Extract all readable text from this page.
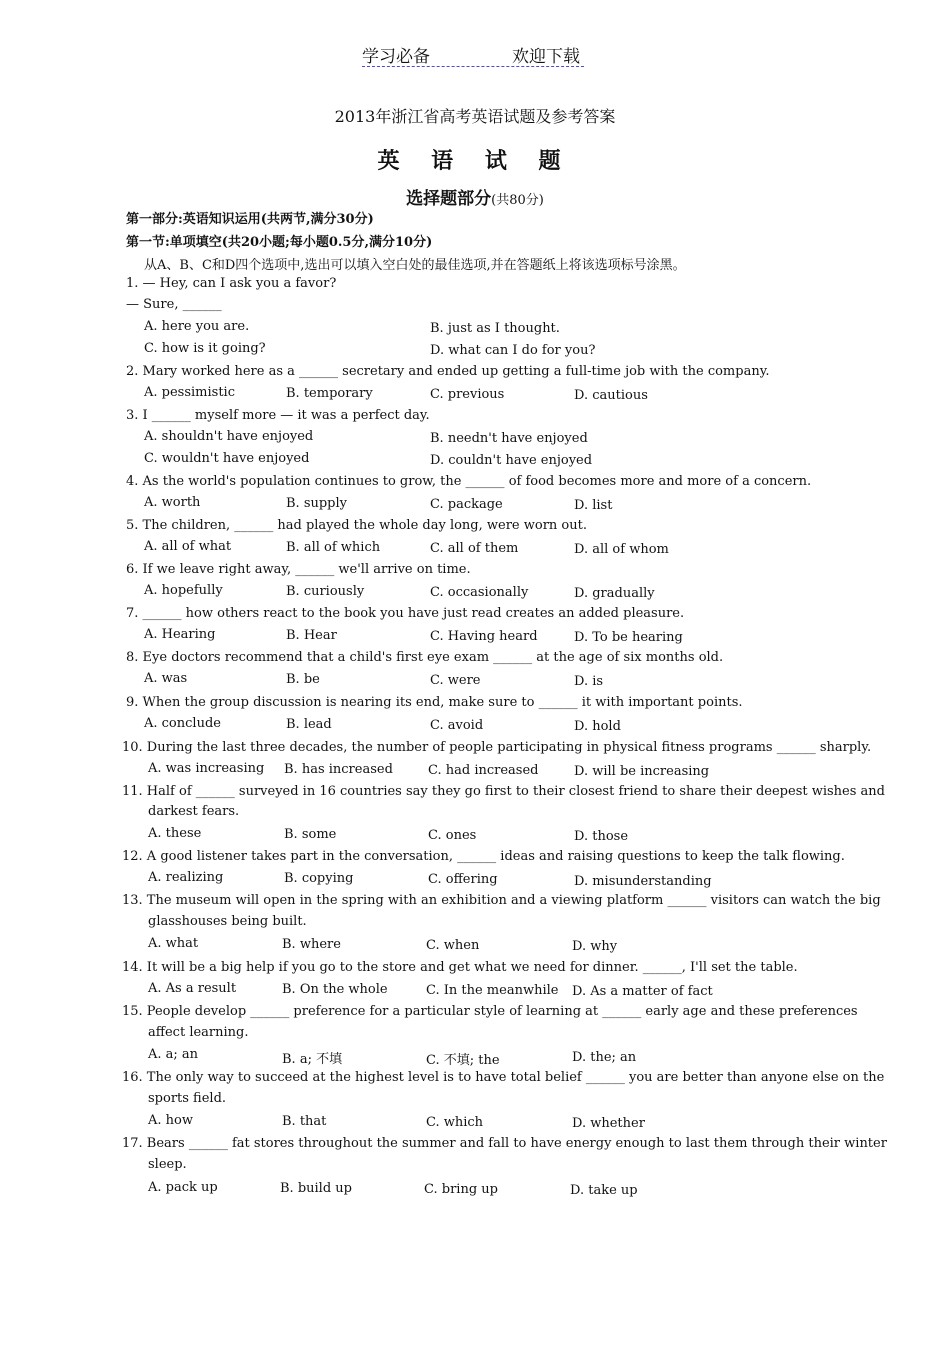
学习必备	欢迎下载
2013年浙江省高考英语试题及参考答案
英 语 试 题
选择题部分(共80分)
第一部分:英语知识运用(共两节,满分30分)
第一节:单项填空(共20小题;每小题0.5分,满分10分)
从A、B、C和D四个选项中,选出可以填入空白处的最佳选项,并在答题纸上将该选项标号涂黑。
1. — Hey, can I ask you a favor?
— Sure, ______
A. here you are.	B. just as I thought.
C. how is it going?	D. what can I do for you?
2. Mary worked here as a ______ secretary and ended up getting a full-time job with the company.
A. pessimistic	B. temporary	C. previous	D. cautious
3. I ______ myself more — it was a perfect day.
A. shouldn't have enjoyed	B. needn't have enjoyed
C. wouldn't have enjoyed	D. couldn't have enjoyed
4. As the world's population continues to grow, the ______ of food becomes more and more of a concern.
A. worth	B. supply	C. package	D. list
5. The children, ______ had played the whole day long, were worn out.
A. all of what	B. all of which	C. all of them	D. all of whom
6. If we leave right away, ______ we'll arrive on time.
A. hopefully	B. curiously	C. occasionally	D. gradually
7. ______ how others react to the book you have just read creates an added pleasure.
A. Hearing	B. Hear	C. Having heard	D. To be hearing
8. Eye doctors recommend that a child's first eye exam ______ at the age of six months old.
A. was	B. be	C. were	D. is
9. When the group discussion is nearing its end, make sure to ______ it with important points.
A. conclude	B. lead	C. avoid	D. hold
10. During the last three decades, the number of people participating in physical fitness programs ______ sharply.
A. was increasing B. has increased	C. had increased	D. will be increasing
11. Half of ______ surveyed in 16 countries say they go first to their closest friend to share their deepest wishes and
darkest fears.
A. these	B. some	C. ones	D. those
12. A good listener takes part in the conversation, ______ ideas and raising questions to keep the talk flowing.
A. realizing	B. copying	C. offering	D. misunderstanding
13. The museum will open in the spring with an exhibition and a viewing platform ______ visitors can watch the big
glasshouses being built.
A. what	B. where	C. when	D. why
14. It will be a big help if you go to the store and get what we need for dinner. ______, I'll set the table.
A. As a result	B. On the whole	C. In the meanwhile D. As a matter of fact
15. People develop ______ preference for a particular style of learning at ______ early age and these preferences
affect learning.
A. a; an	B. a; 不填	C. 不填; the	D. the; an
16. The only way to succeed at the highest level is to have total belief ______ you are better than anyone else on the
sports field.
A. how	B. that	C. which	D. whether
17. Bears ______ fat stores throughout the summer and fall to have energy enough to last them through their winter
sleep.
A. pack up	B. build up	C. bring up	D. take up
